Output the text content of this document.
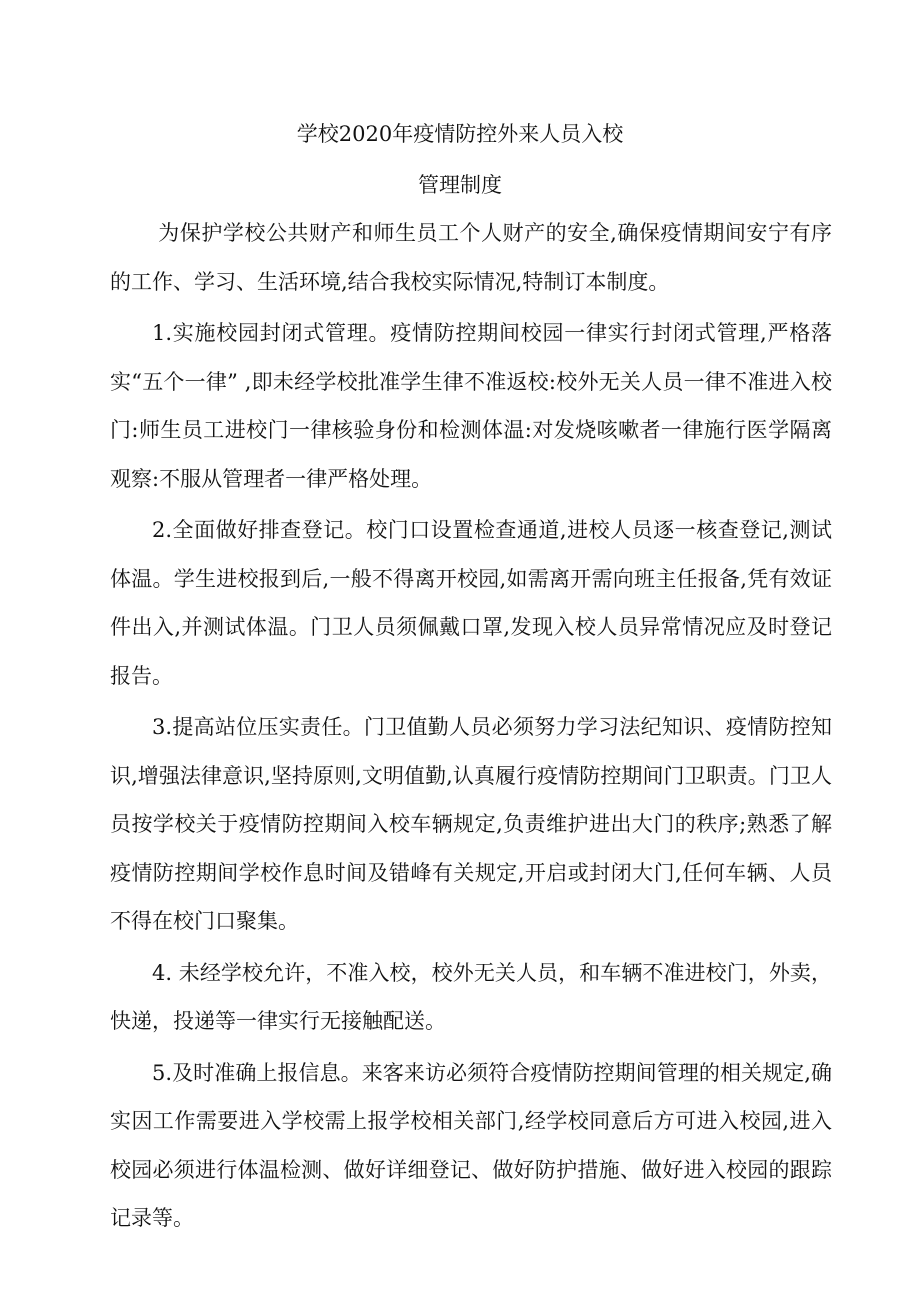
学校2020年疫情防控外来人员入校
管理制度

为保护学校公共财产和师生员工个人财产的安全,确保疫情期间安宁有序的工作、学习、生活环境,结合我校实际情况,特制订本制度。

1.实施校园封闭式管理。疫情防控期间校园一律实行封闭式管理,严格落实“五个一律” ,即未经学校批准学生律不准返校:校外无关人员一律不准进入校门:师生员工进校门一律核验身份和检测体温:对发烧咳嗽者一律施行医学隔离观察:不服从管理者一律严格处理。

2.全面做好排查登记。校门口设置检查通道,进校人员逐一核查登记,测试体温。学生进校报到后,一般不得离开校园,如需离开需向班主任报备,凭有效证件出入,并测试体温。门卫人员须佩戴口罩,发现入校人员异常情况应及时登记报告。

3.提高站位压实责任。门卫值勤人员必须努力学习法纪知识、疫情防控知识,增强法律意识,坚持原则,文明值勤,认真履行疫情防控期间门卫职责。门卫人员按学校关于疫情防控期间入校车辆规定,负责维护进出大门的秩序;熟悉了解疫情防控期间学校作息时间及错峰有关规定,开启或封闭大门,任何车辆、人员不得在校门口聚集。

4. 未经学校允许，不准入校，校外无关人员，和车辆不准进校门，外卖，快递，投递等一律实行无接触配送。

5.及时准确上报信息。来客来访必须符合疫情防控期间管理的相关规定,确实因工作需要进入学校需上报学校相关部门,经学校同意后方可进入校园,进入校园必须进行体温检测、做好详细登记、做好防护措施、做好进入校园的跟踪记录等。
